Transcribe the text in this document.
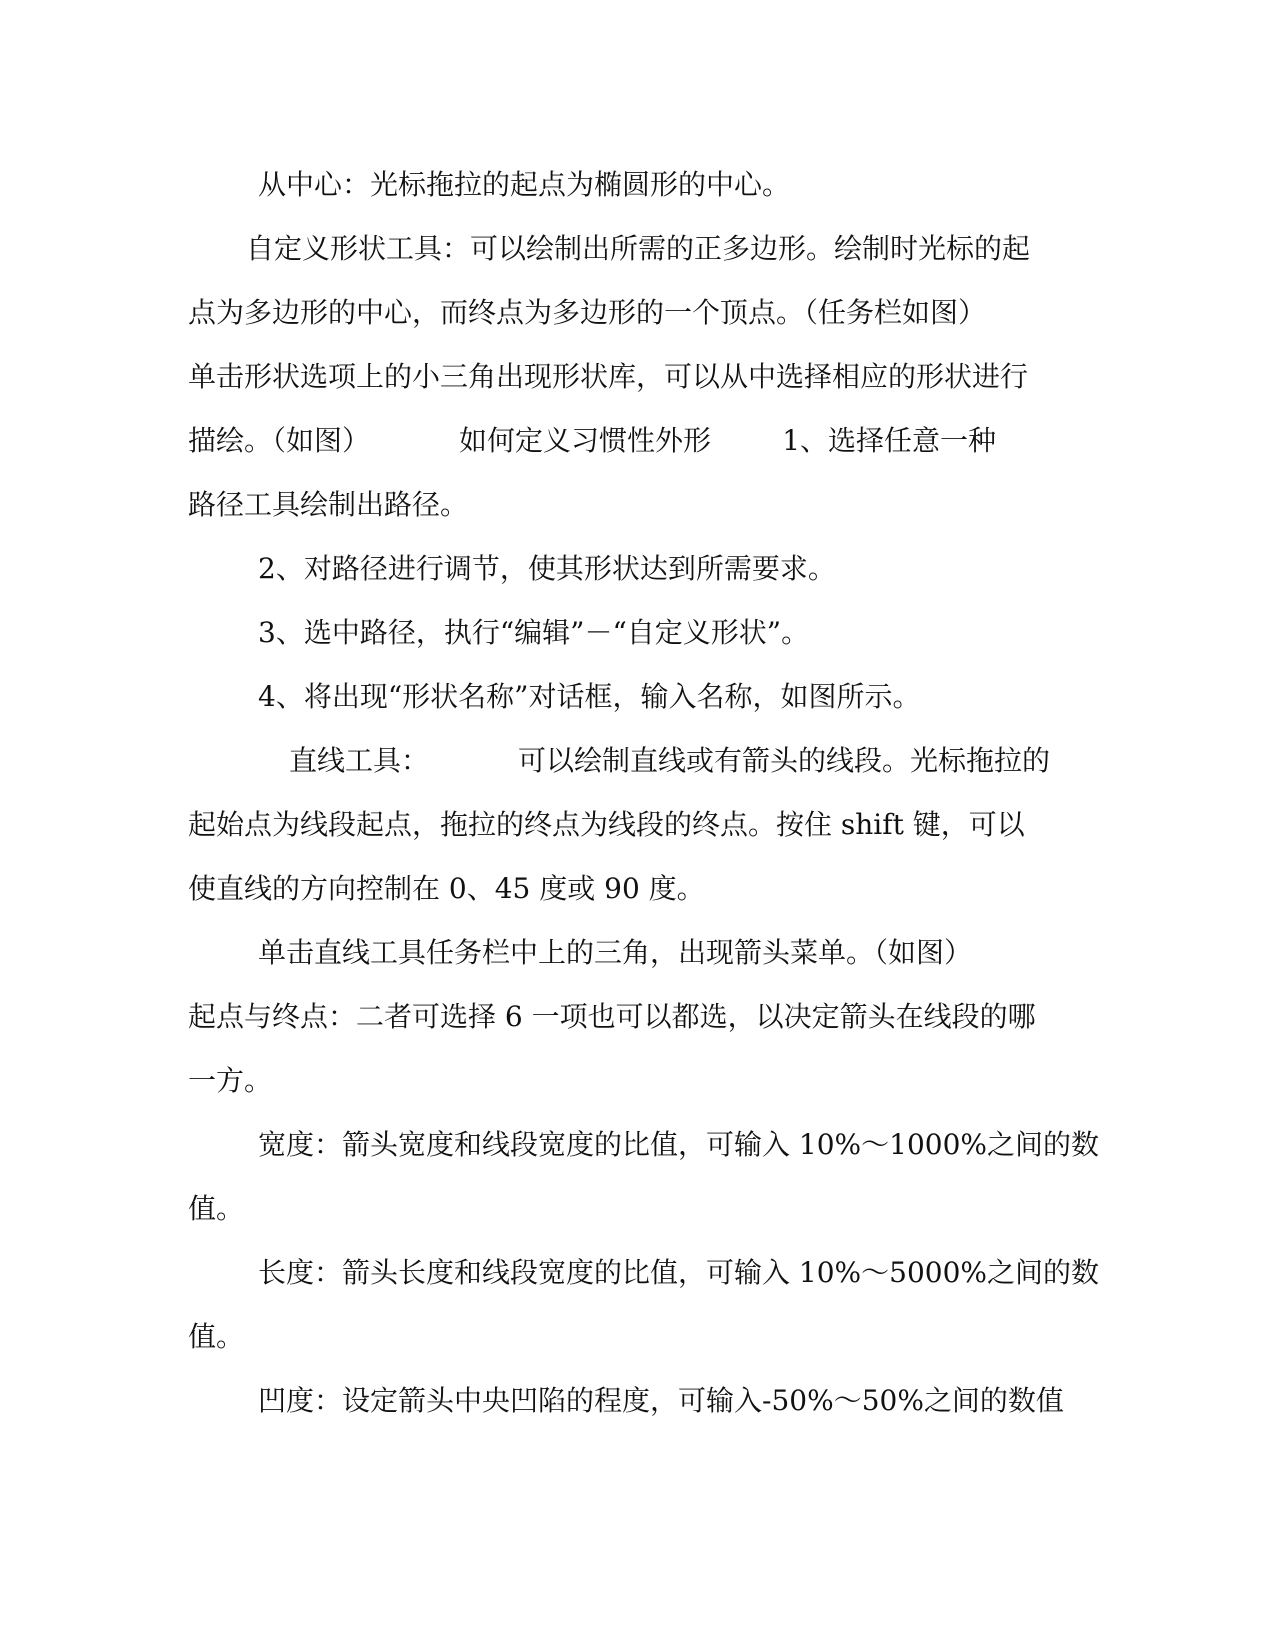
从中心：光标拖拉的起点为椭圆形的中心。
自定义形状工具：可以绘制出所需的正多边形。绘制时光标的起
点为多边形的中心，而终点为多边形的一个顶点。（任务栏如图）
单击形状选项上的小三角出现形状库，可以从中选择相应的形状进行
描绘。（如图）          如何定义习惯性外形        1、选择任意一种
路径工具绘制出路径。
2、对路径进行调节，使其形状达到所需要求。
3、选中路径，执行“编辑”－“自定义形状”。
4、将出现“形状名称”对话框，输入名称，如图所示。
直线工具：          可以绘制直线或有箭头的线段。光标拖拉的
起始点为线段起点，拖拉的终点为线段的终点。按住 shift 键，可以
使直线的方向控制在 0、45 度或 90 度。
单击直线工具任务栏中上的三角，出现箭头菜单。（如图）
起点与终点：二者可选择 6 一项也可以都选，以决定箭头在线段的哪
一方。
宽度：箭头宽度和线段宽度的比值，可输入 10%～1000%之间的数
值。
长度：箭头长度和线段宽度的比值，可输入 10%～5000%之间的数
值。
凹度：设定箭头中央凹陷的程度，可输入-50%～50%之间的数值
